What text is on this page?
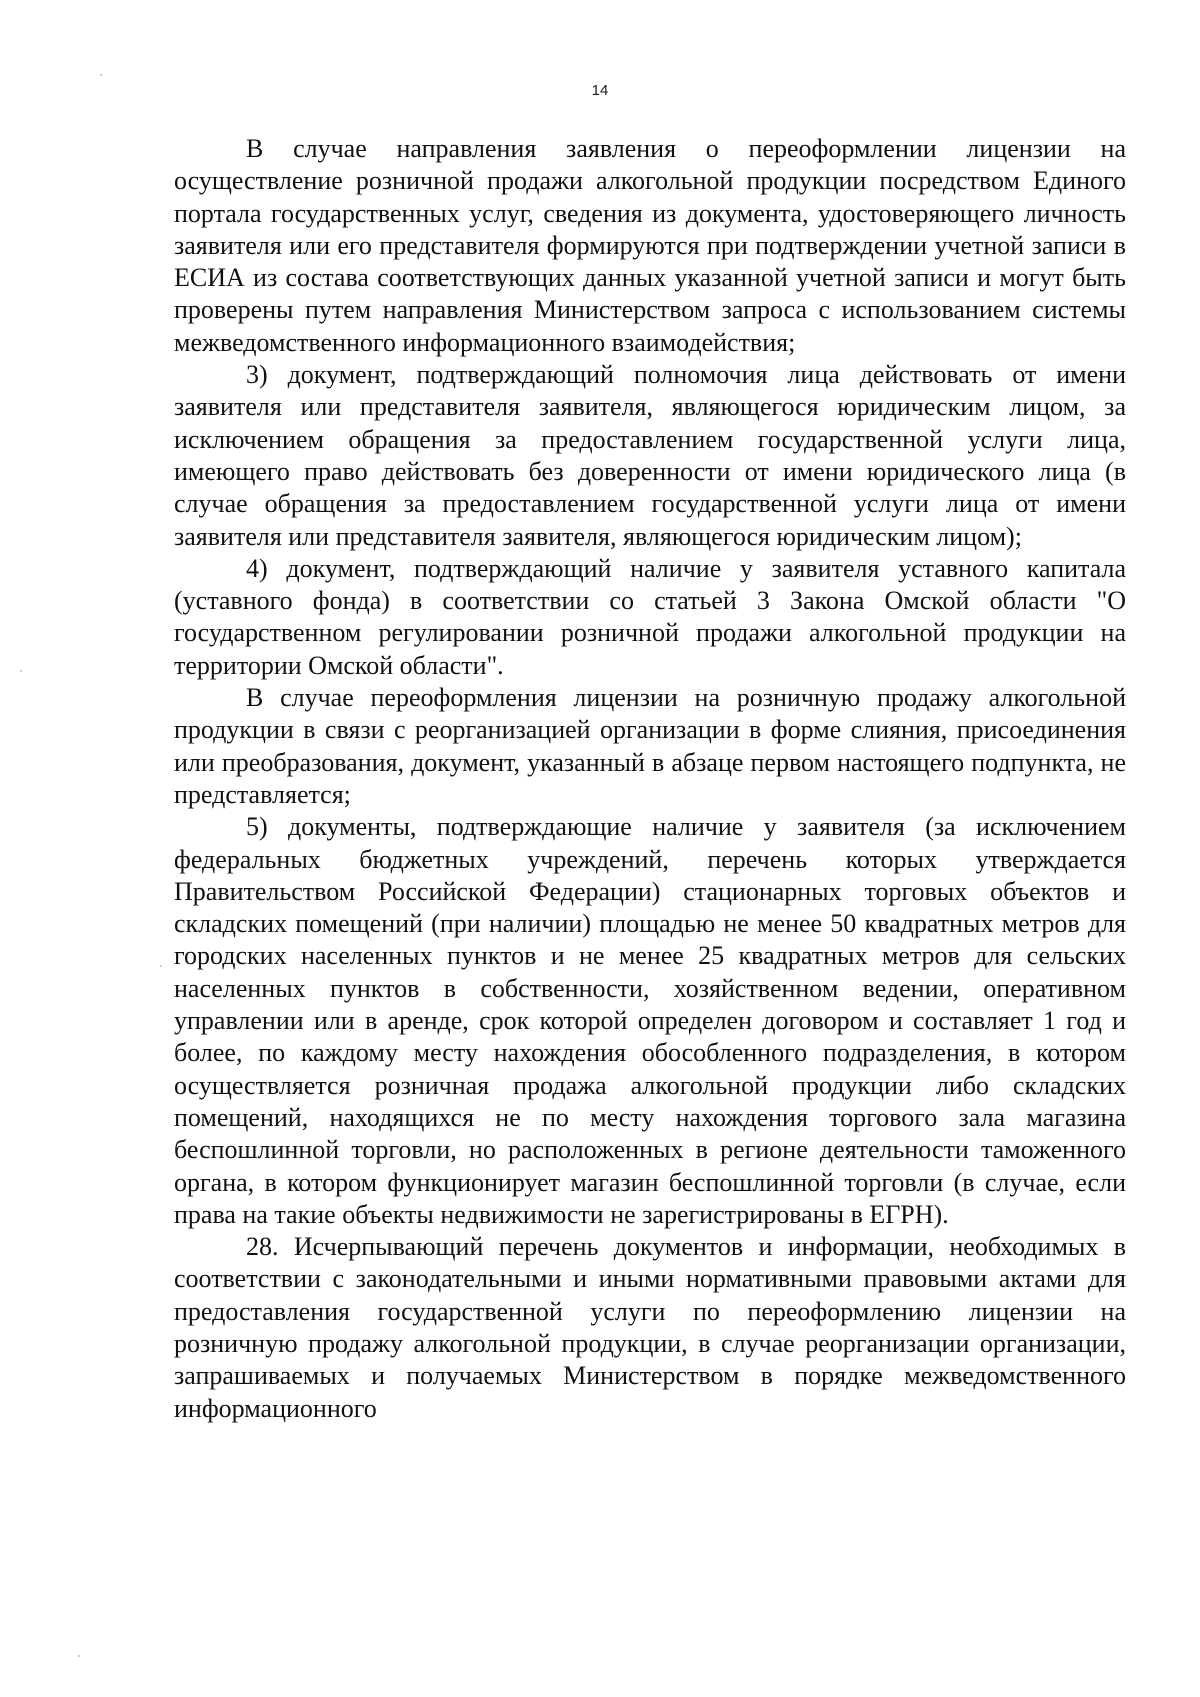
14

В случае направления заявления о переоформлении лицензии на осуществление розничной продажи алкогольной продукции посредством Единого портала государственных услуг, сведения из документа, удостоверяющего личность заявителя или его представителя формируются при подтверждении учетной записи в ЕСИА из состава соответствующих данных указанной учетной записи и могут быть проверены путем направления Министерством запроса с использованием системы межведомственного информационного взаимодействия;

3) документ, подтверждающий полномочия лица действовать от имени заявителя или представителя заявителя, являющегося юридическим лицом, за исключением обращения за предоставлением государственной услуги лица, имеющего право действовать без доверенности от имени юридического лица (в случае обращения за предоставлением государственной услуги лица от имени заявителя или представителя заявителя, являющегося юридическим лицом);

4) документ, подтверждающий наличие у заявителя уставного капитала (уставного фонда) в соответствии со статьей 3 Закона Омской области "О государственном регулировании розничной продажи алкогольной продукции на территории Омской области".

В случае переоформления лицензии на розничную продажу алкогольной продукции в связи с реорганизацией организации в форме слияния, присоединения или преобразования, документ, указанный в абзаце первом настоящего подпункта, не представляется;

5) документы, подтверждающие наличие у заявителя (за исключением федеральных бюджетных учреждений, перечень которых утверждается Правительством Российской Федерации) стационарных торговых объектов и складских помещений (при наличии) площадью не менее 50 квадратных метров для городских населенных пунктов и не менее 25 квадратных метров для сельских населенных пунктов в собственности, хозяйственном ведении, оперативном управлении или в аренде, срок которой определен договором и составляет 1 год и более, по каждому месту нахождения обособленного подразделения, в котором осуществляется розничная продажа алкогольной продукции либо складских помещений, находящихся не по месту нахождения торгового зала магазина беспошлинной торговли, но расположенных в регионе деятельности таможенного органа, в котором функционирует магазин беспошлинной торговли (в случае, если права на такие объекты недвижимости не зарегистрированы в ЕГРН).

28. Исчерпывающий перечень документов и информации, необходимых в соответствии с законодательными и иными нормативными правовыми актами для предоставления государственной услуги по переоформлению лицензии на розничную продажу алкогольной продукции, в случае реорганизации организации, запрашиваемых и получаемых Министерством в порядке межведомственного информационного
